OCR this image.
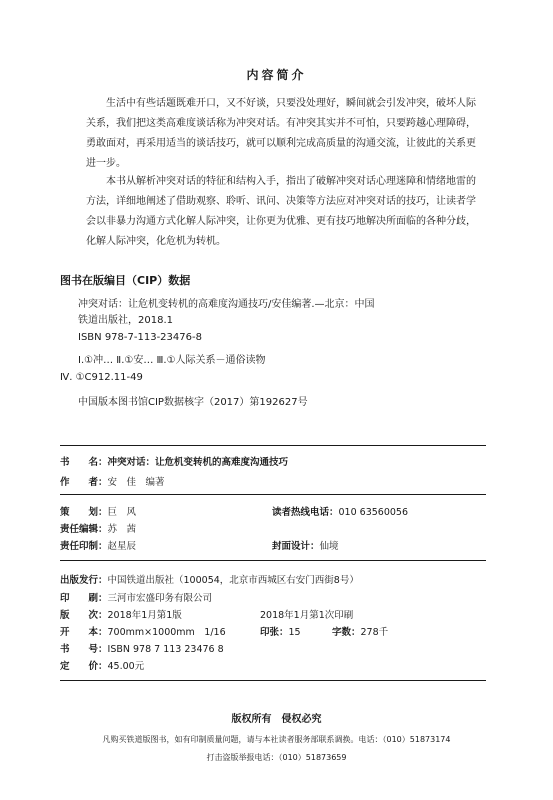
内容简介

生活中有些话题既难开口，又不好谈，只要没处理好，瞬间就会引发冲突，破坏人际关系，我们把这类高难度谈话称为冲突对话。有冲突其实并不可怕，只要跨越心理障碍，勇敢面对，再采用适当的谈话技巧，就可以顺利完成高质量的沟通交流，让彼此的关系更进一步。

本书从解析冲突对话的特征和结构入手，指出了破解冲突对话心理迷障和情绪地雷的方法，详细地阐述了借助观察、聆听、讯问、决策等方法应对冲突对话的技巧，让读者学会以非暴力沟通方式化解人际冲突，让你更为优雅、更有技巧地解决所面临的各种分歧，化解人际冲突，化危机为转机。

图书在版编目（CIP）数据
冲突对话：让危机变转机的高难度沟通技巧/安佳编著.—北京：中国
铁道出版社，2018.1
ISBN 978-7-113-23476-8
Ⅰ.①冲… Ⅱ.①安… Ⅲ.①人际关系－通俗读物
Ⅳ. ①C912.11-49
中国版本图书馆CIP数据核字（2017）第192627号
书　　名：冲突对话：让危机变转机的高难度沟通技巧
作　　者：安　佳　编著
策　　划：巨　风	读者热线电话：010 63560056
责任编辑：苏　茜
责任印制：赵星辰	封面设计：仙境
出版发行：中国铁道出版社（100054，北京市西城区右安门西街8号）
印　　刷：三河市宏盛印务有限公司
版　　次：2018年1月第1版	2018年1月第1次印刷
开　　本：700mm×1000mm　1/16	印张：15	字数：278千
书　　号：ISBN 978 7 113 23476 8
定　　价：45.00元
版权所有　侵权必究
凡购买铁道版图书，如有印制质量问题，请与本社读者服务部联系调换。电话：（010）51873174
打击盗版举报电话：（010）51873659
